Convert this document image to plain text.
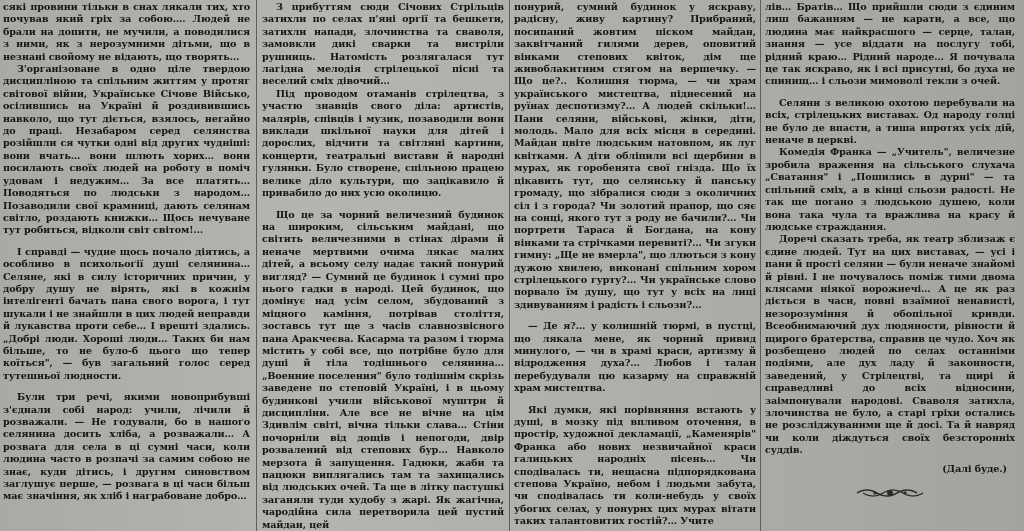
сякі провини тільки в снах лякали тих, хто почував який гріх за собою…. Людей не брали на допити, не мучили, а поводилися з ними, як з нерозумними дітьми, що в незнані свойому не відають, що творять...

З'організоване в одно ціле твердою дисципліною та спільним життям у протяг світової війни, Українське Січове Військо, осілившись на Україні й роздивившись навколо, що тут діється, взялось, негайно до праці. Незабаром серед селянства розійшли ся чутки одні від других чудніші: вони вчать… вони шлють хорих… вони посилають своїх людей на роботу в поміч удовам і недужим… За все платять… Поводяться по людськи з народом… Позаводили свої крамниці, дають селянам світло, роздають книжки… Щось нечуване тут робиться, відколи світ світом!...

І справді — чудне щось почало діятись, а особливо в психольоґії душі селянина… Селяне, які в силу історичних причин, у добру душу не вірять, які в кожнім інтелігенті бачать пана свого ворога, і тут шукали і не знайшли в цих людей неправди й лукавства проти себе… І врешті здались. „Добрі люди. Хороші люди… Таких би нам більше, то не було-б цього що тепер коїться", — був загальний голос серед тутешньої людности.

Були три речі, якими новоприбувші з'єднали собі народ: учили, лічили й розважали. — Не годували, бо в нашоґо селянина досить хліба, а розважали… А розвага для села в ці сумні часи, коли людина часто в розпачі за самим собою не знає, куди дітись, і другим синовством заглушує перше, — розвага в ці часи більш має значіння, як хліб і награбоване добро…

З прибуттям сюди Січових Стрільців затихли по селах п'яні оргії та бешкети, затихли напади, злочинства та сваволя, замовкли дикі сварки та вистріли рушниць. Натомість розлягалася тут лагідна мелодія стрілецької пісні та веселий сміх дівочий…

Під проводом отаманів стрілецтва, з участю знавців свого діла: артистів, малярів, співців і музик, позаводили вони виклади шкільної науки для дітей і дорослих, відчити та світляні картини, концерти, театральні вистави й народні гулянки. Було створене, спільною працею велике діло культури, що зацікавило й привабило до них усю околицю.

Що це за чорний величезний будинок на широким, сільським майдані, що світить величезними в стінах дірами й неначе мертвими очима лякає малих дітей, а всьому селу надає такий понурий вигляд? — Сумний це будинок і сумні про нього гадки в народі. Цей будинок, що домінує над усім селом, збудований з міцного каміння, потрівав століття, зоставсь тут ще з часів славнозвісного пана Аракчеєва. Касарма та разом і тюрма містить у собі все, що потрібне було для душі й тіла тодішнього селянина… „Военние поселения" було тодішнім скрізь заведене по степовій Україні, і в цьому будинкові учили військової муштри й дисципліни. Але все не вічне на цім Здивлім світі, вічна тільки слава… Стіни почорніли від дощів і непогоди, двір розвалений від степових бур… Навколо мерзота й запущення. Гадюки, жаби та пацюки виплягались там та захищались від людських очей. Та ще в літку пастушкі заганяли туди худобу з жарі. Як жагічна, чародійна сила перетворила цей пустий майдан, цей

понурий, сумний будинок у яскраву, радісну, живу картину? Прибраний, посипаний жовтим піском майдан, заквітчаний гилями дерев, оповитий вінками степових квіток, дім ще живоблакитним стягом на вершечку. — Що це?.. Колишня тюрма, — чи храм українського мистецтва, піднесений на руїнах деспотизму?… А людей скільки!… Пани селяни, військові, жінки, діти, молодь. Мало для всіх місця в середині. Майдан цвіте людським натовпом, як луг квітками. А діти обліпили всі щербини в мурах, як горобенята свої гнізда. Що їх цікавить тут, що селянську й панську громаду, що зібралися сюди з околичних сіл і з города? Чи золотий прапор, що сяє на сонці, якого тут з роду не бачили?… Чи портрети Тараса й Богдана, на кону вінками та стрічками перевиті?… Чи згуки гимну: „Ще не вмерла", що ллються з кону дужою хвилею, виконані спільним хором стрілецького гурту?… Чи українське слово порвало їм душу, що тут у всіх на лиці здивуванням і радість і сльози?…

— Де я?… у колишній тюрмі, в пустці, що лякала мене, як чорний привид минулого, — чи в храмі краси, артизму й відродження духа?… Любов і талан перебудували цю казарму на справжній храм мистецтва.

Які думки, які порівняння встають у душі, в мозку під впливом оточення, в простір, художної декламації, „Каменярів" Франка або нових незвичайної краси галицьких народніх пісень… Чи сподівалась ти, нещасна підпорядкована степова Україно, небом і людьми забута, чи сподівалась ти коли-небудь у своїх убогих селах, у понурих цих мурах вітати таких талантовитих гостій?… Учите

лів… Братів… Що прийшли сюди з єдиним лиш бажанням — не карати, а все, що людина має найкрасшого — серце, талан, знання — усе віддати на послугу тобі, рідний краю… Рідний народе… Я почувала це так яскраво, як і всі присутні, бо духа не спинищ… і сльози мимоволі текли з очей.

Селяни з великою охотою перебували на всіх, стрілецьких виставах. Од народу голці не було де впасти, а тиша впротях усіх дій, неначе в церкві.

Комедія Франка — „Учитель", величезне зробила враження на сільського слухача „Сватання" і „Пошились в дурні" — та спільний сміх, а в кінці сльози радості. Не так ще погано з людською душею, коли вона така чула та вражлива на красу й людське страждання.

Доречі сказать треба, як театр зблизаж є єдине людей. Тут на цих виставах, — усі і пани й прості селяни — були неначе знайомі й рівні. І не почувалось поміж тими двома клясами ніякої ворожнечі… А це як раз діється в часи, повні взаїмної ненависті, незорозуміння й обопільної кривди. Всеобнимаючий дух людяности, рівности й щирого братерства, справив це чудо. Хоч як розбещено людей по селах останніми подіями, але дух ладу й законности, заведений, у Стрілецтві, та щирі й справедливі до всіх відносини, заімпонували народові. Сваволя затихла, злочинства не було, а старі гріхи остались не розсліджуваними ще й досі. Та й навряд чи коли діждуться своїх безсторонніх суддів.

(Далі буде.)
